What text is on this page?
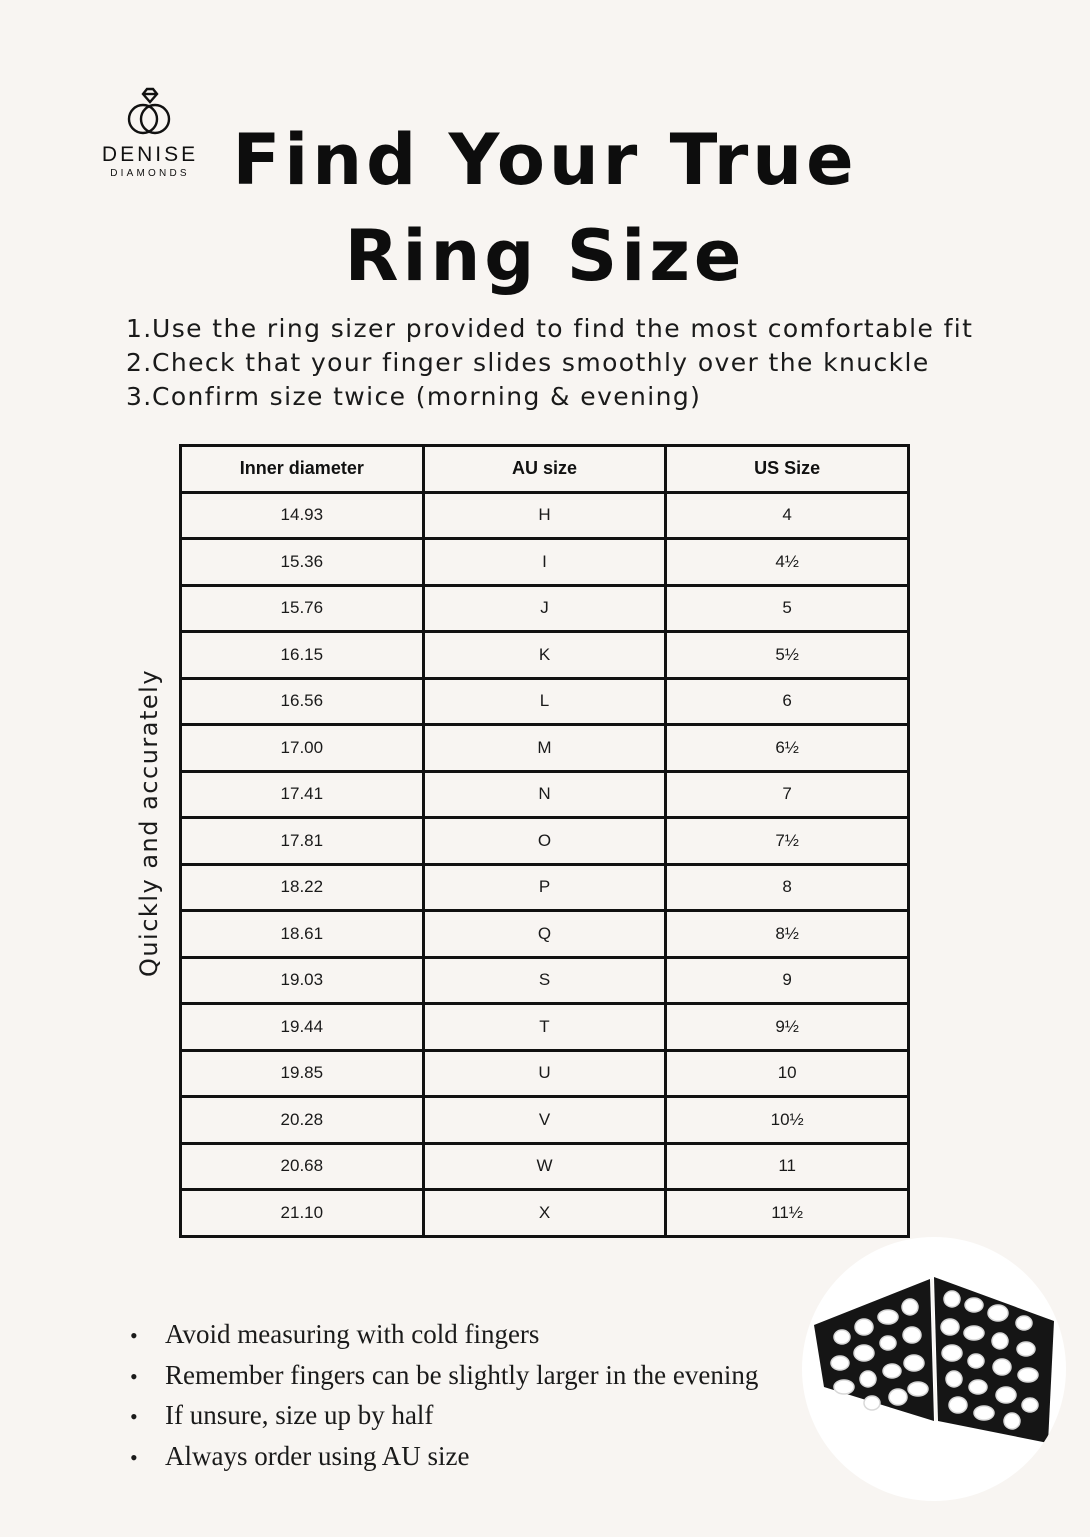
DENISE
DIAMONDS Find Your True
Ring Size
1.Use the ring sizer provided to find the most comfortable fit
2.Check that your finger slides smoothly over the knuckle
3.Confirm size twice (morning & evening)
Quickly and accurately
Inner diameter	AU size	US Size
14.93	H	4
15.36	I	4½
15.76	J	5
16.15	K	5½
16.56	L	6
17.00	M	6½
17.41	N	7
17.81	O	7½
18.22	P	8
18.61	Q	8½
19.03	S	9
19.44	T	9½
19.85	U	10
20.28	V	10½
20.68	W	11
21.10	X	11½
• Avoid measuring with cold fingers
• Remember fingers can be slightly larger in the evening
• If unsure, size up by half
• Always order using AU size
